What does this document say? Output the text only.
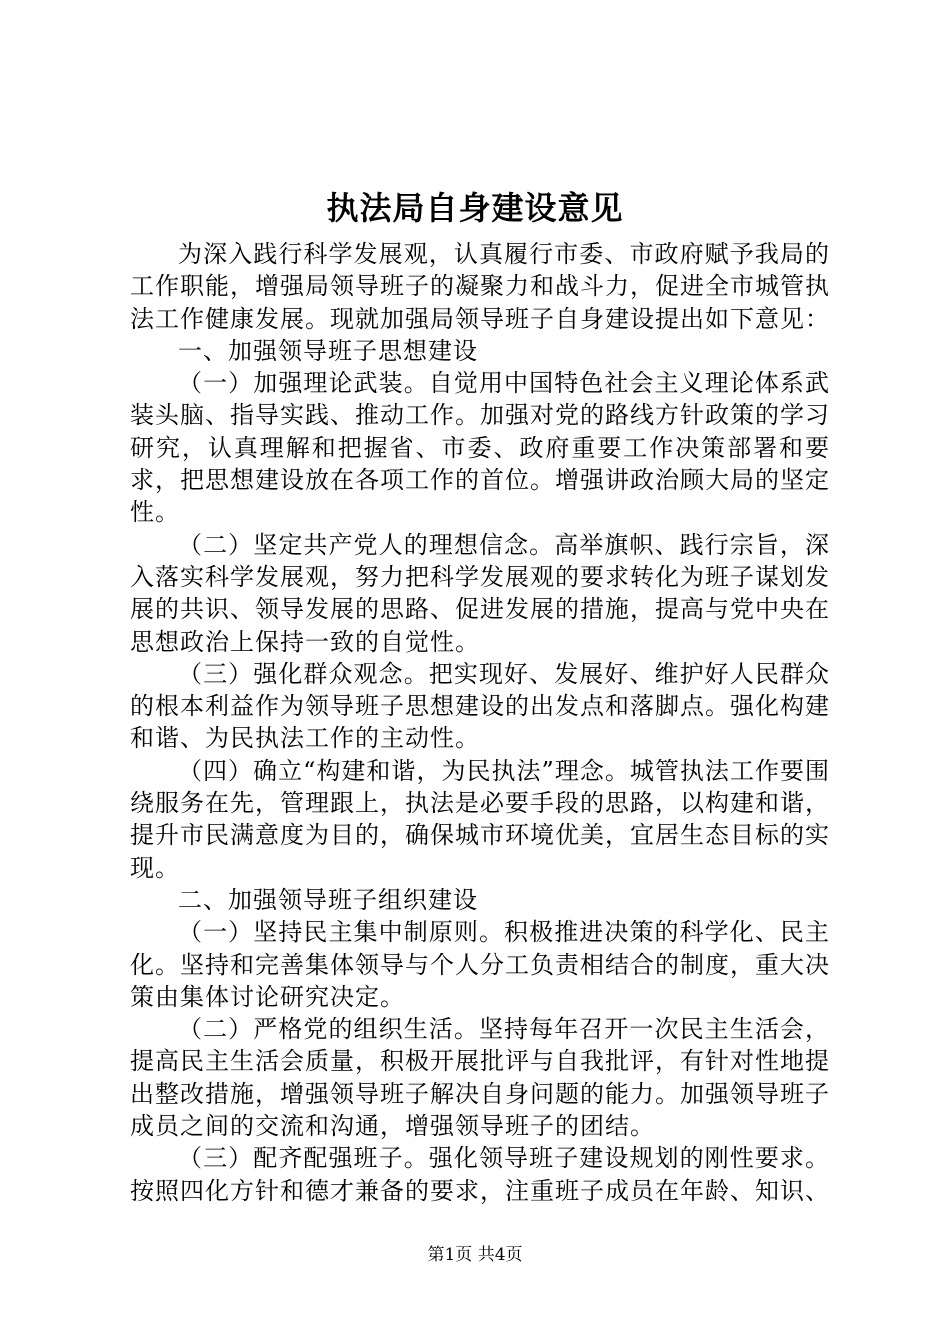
执法局自身建设意见

为深入践行科学发展观，认真履行市委、市政府赋予我局的工作职能，增强局领导班子的凝聚力和战斗力，促进全市城管执法工作健康发展。现就加强局领导班子自身建设提出如下意见：

一、加强领导班子思想建设

（一）加强理论武装。自觉用中国特色社会主义理论体系武装头脑、指导实践、推动工作。加强对党的路线方针政策的学习研究，认真理解和把握省、市委、政府重要工作决策部署和要求，把思想建设放在各项工作的首位。增强讲政治顾大局的坚定性。

（二）坚定共产党人的理想信念。高举旗帜、践行宗旨，深入落实科学发展观，努力把科学发展观的要求转化为班子谋划发展的共识、领导发展的思路、促进发展的措施，提高与党中央在思想政治上保持一致的自觉性。

（三）强化群众观念。把实现好、发展好、维护好人民群众的根本利益作为领导班子思想建设的出发点和落脚点。强化构建和谐、为民执法工作的主动性。

（四）确立“构建和谐，为民执法”理念。城管执法工作要围绕服务在先，管理跟上，执法是必要手段的思路，以构建和谐，提升市民满意度为目的，确保城市环境优美，宜居生态目标的实现。

二、加强领导班子组织建设

（一）坚持民主集中制原则。积极推进决策的科学化、民主化。坚持和完善集体领导与个人分工负责相结合的制度，重大决策由集体讨论研究决定。

（二）严格党的组织生活。坚持每年召开一次民主生活会，提高民主生活会质量，积极开展批评与自我批评，有针对性地提出整改措施，增强领导班子解决自身问题的能力。加强领导班子成员之间的交流和沟通，增强领导班子的团结。

（三）配齐配强班子。强化领导班子建设规划的刚性要求。按照四化方针和德才兼备的要求，注重班子成员在年龄、知识、

第1页 共4页
